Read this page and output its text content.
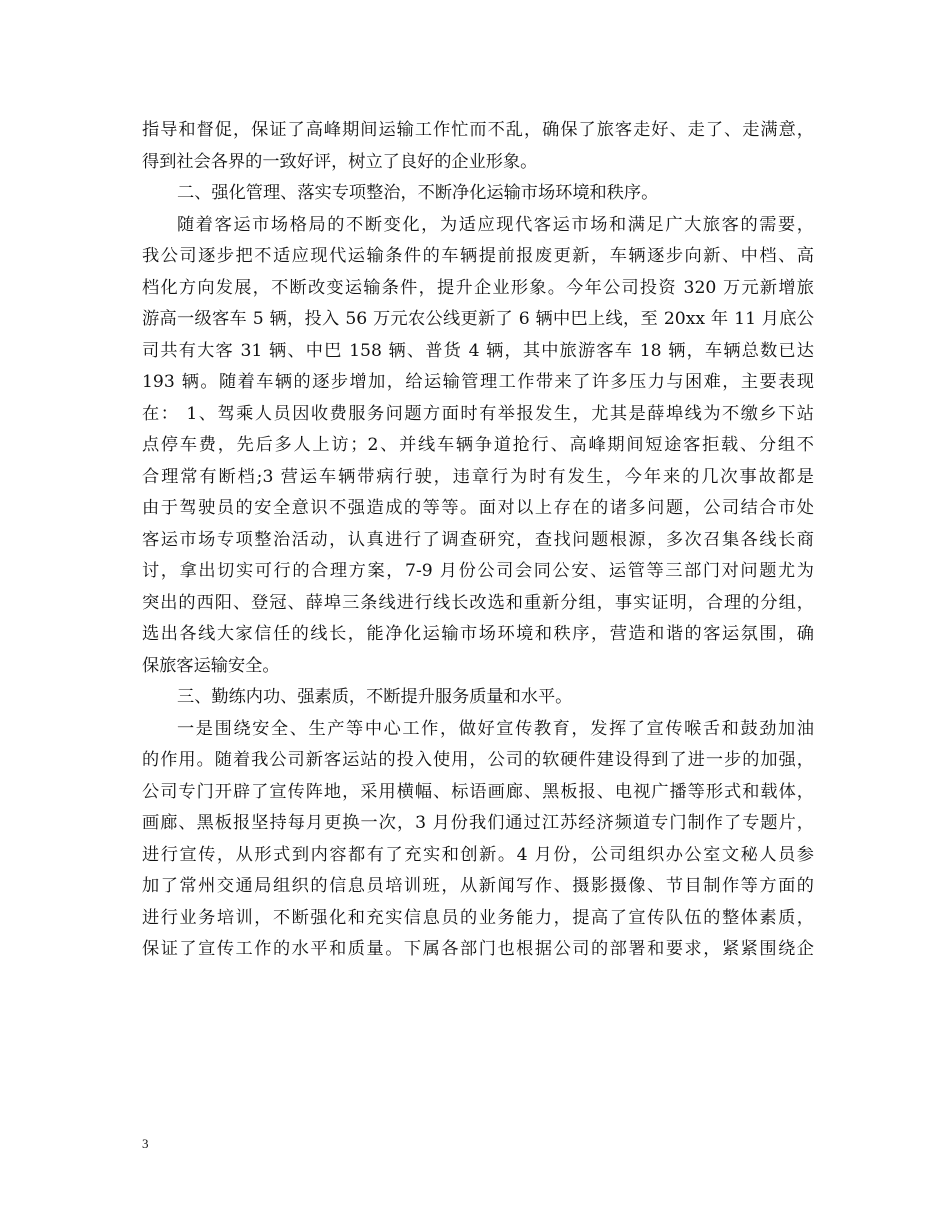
指导和督促，保证了高峰期间运输工作忙而不乱，确保了旅客走好、走了、走满意，
得到社会各界的一致好评，树立了良好的企业形象。
二、强化管理、落实专项整治，不断净化运输市场环境和秩序。
随着客运市场格局的不断变化，为适应现代客运市场和满足广大旅客的需要，
我公司逐步把不适应现代运输条件的车辆提前报废更新，车辆逐步向新、中档、高
档化方向发展，不断改变运输条件，提升企业形象。今年公司投资 320 万元新增旅
游高一级客车 5 辆，投入 56 万元农公线更新了 6 辆中巴上线，至 20xx 年 11 月底公
司共有大客 31 辆、中巴 158 辆、普货 4 辆，其中旅游客车 18 辆，车辆总数已达
193 辆。随着车辆的逐步增加，给运输管理工作带来了许多压力与困难，主要表现
在： 1、驾乘人员因收费服务问题方面时有举报发生，尤其是薛埠线为不缴乡下站
点停车费，先后多人上访；2、并线车辆争道抢行、高峰期间短途客拒载、分组不
合理常有断档;3 营运车辆带病行驶，违章行为时有发生，今年来的几次事故都是
由于驾驶员的安全意识不强造成的等等。面对以上存在的诸多问题，公司结合市处
客运市场专项整治活动，认真进行了调查研究，查找问题根源，多次召集各线长商
讨，拿出切实可行的合理方案，7-9 月份公司会同公安、运管等三部门对问题尤为
突出的西阳、登冠、薛埠三条线进行线长改选和重新分组，事实证明，合理的分组，
选出各线大家信任的线长，能净化运输市场环境和秩序，营造和谐的客运氛围，确
保旅客运输安全。
三、勤练内功、强素质，不断提升服务质量和水平。
一是围绕安全、生产等中心工作，做好宣传教育，发挥了宣传喉舌和鼓劲加油
的作用。随着我公司新客运站的投入使用，公司的软硬件建设得到了进一步的加强，
公司专门开辟了宣传阵地，采用横幅、标语画廊、黑板报、电视广播等形式和载体，
画廊、黑板报坚持每月更换一次，3 月份我们通过江苏经济频道专门制作了专题片，
进行宣传，从形式到内容都有了充实和创新。4 月份，公司组织办公室文秘人员参
加了常州交通局组织的信息员培训班，从新闻写作、摄影摄像、节目制作等方面的
进行业务培训，不断强化和充实信息员的业务能力，提高了宣传队伍的整体素质，
保证了宣传工作的水平和质量。下属各部门也根据公司的部署和要求，紧紧围绕企
3
